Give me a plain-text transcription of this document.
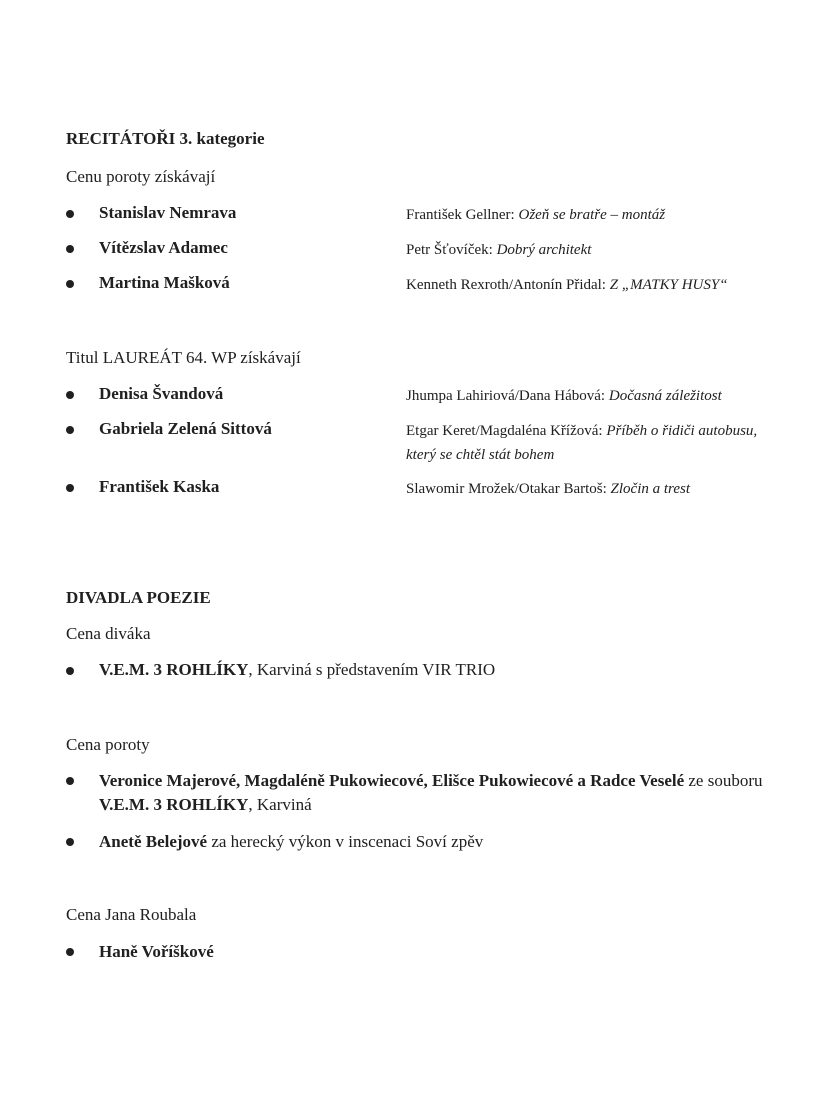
RECITÁTOŘI 3. kategorie
Cenu poroty získávají
Stanislav Nemrava	František Gellner: Ožeň se bratře – montáž
Vítězslav Adamec	Petr Šťovíček: Dobrý architekt
Martina Mašková	Kenneth Rexroth/Antonín Přidal: Z „MATKY HUSY“
Titul LAUREÁT 64. WP získávají
Denisa Švandová	Jhumpa Lahiriová/Dana Hábová: Dočasná záležitost
Gabriela Zelená Sittová	Etgar Keret/Magdaléna Křížová: Příběh o řidiči autobusu, který se chtěl stát bohem
František Kaska	Slawomir Mrožek/Otakar Bartoš: Zločin a trest
DIVADLA POEZIE
Cena diváka
V.E.M. 3 ROHLÍKY, Karviná s představením VIR TRIO
Cena poroty
Veronice Majerové, Magdaléně Pukowiecové, Elišce Pukowiecové a Radce Veselé ze souboru V.E.M. 3 ROHLÍKY, Karviná
Anetě Belejové za herecký výkon v inscenaci Soví zpěv
Cena Jana Roubala
Haně Voříškové
